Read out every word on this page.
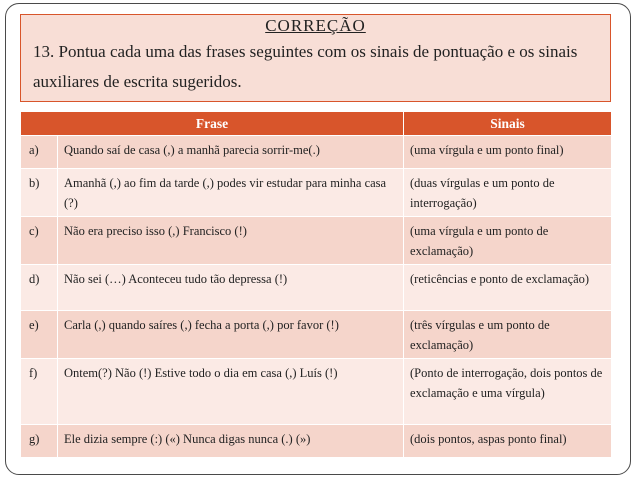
CORREÇÃO
13. Pontua cada uma das frases seguintes com os sinais de pontuação e os sinais auxiliares de escrita sugeridos.
Frase		Sinais
a)	Quando saí de casa (,) a manhã parecia sorrir-me(.)	(uma vírgula e um ponto final)
b)	Amanhã (,) ao fim da tarde (,) podes vir estudar para minha casa (?)	(duas vírgulas e um ponto de interrogação)
c)	Não era preciso isso (,) Francisco (!)	(uma vírgula e um ponto de exclamação)
d)	Não sei (…) Aconteceu tudo tão depressa (!)	(reticências e ponto de exclamação)
e)	Carla (,) quando saíres (,) fecha a porta (,) por favor (!)	(três vírgulas e um ponto de exclamação)
f)	Ontem(?) Não (!) Estive todo o dia em casa (,) Luís (!)	(Ponto de interrogação, dois pontos de exclamação e uma vírgula)
g)	Ele dizia sempre (:) («) Nunca digas nunca (.) (»)	(dois pontos, aspas ponto final)
